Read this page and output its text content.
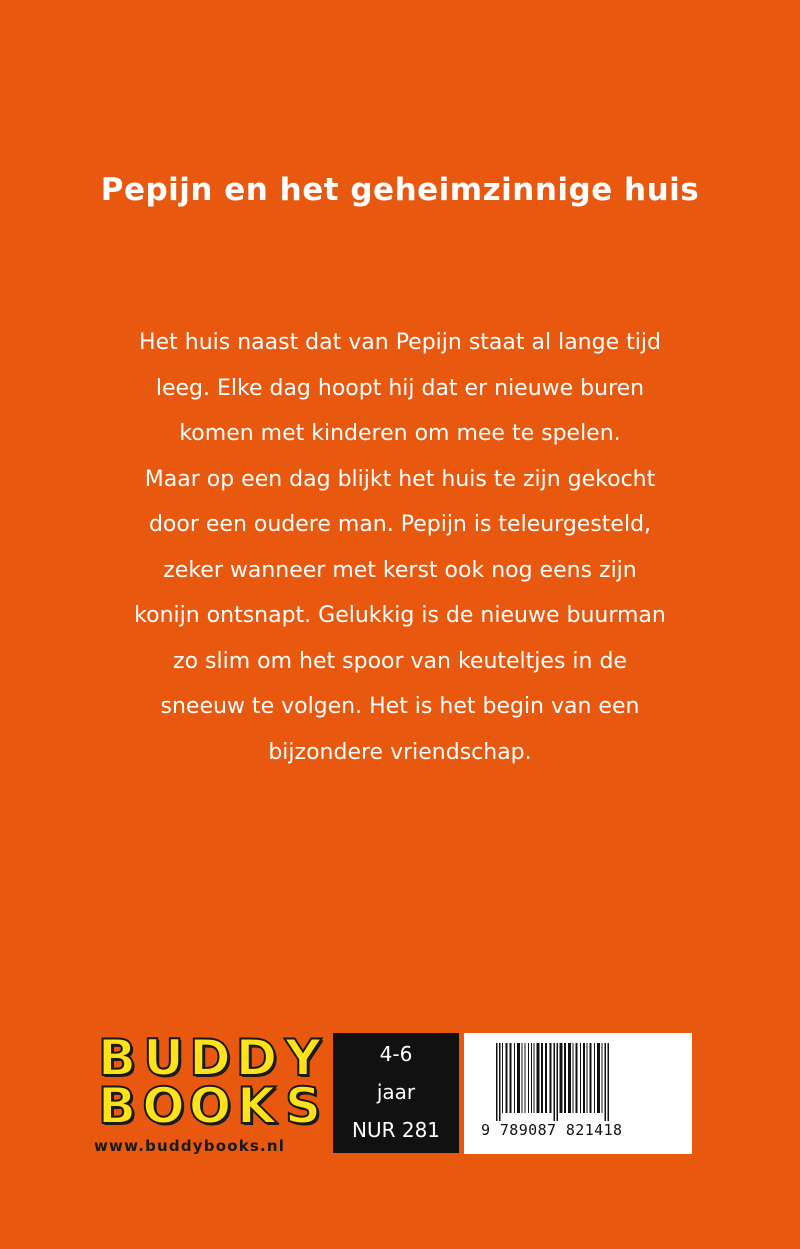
Pepijn en het geheimzinnige huis
Het huis naast dat van Pepijn staat al lange tijd
leeg. Elke dag hoopt hij dat er nieuwe buren
komen met kinderen om mee te spelen.
Maar op een dag blijkt het huis te zijn gekocht
door een oudere man. Pepijn is teleurgesteld,
zeker wanneer met kerst ook nog eens zijn
konijn ontsnapt. Gelukkig is de nieuwe buurman
zo slim om het spoor van keuteltjes in de
sneeuw te volgen. Het is het begin van een
bijzondere vriendschap.
B U D D Y
B O O K S
www.buddybooks.nl
4-6
jaar
NUR 281	9 789087 821418
